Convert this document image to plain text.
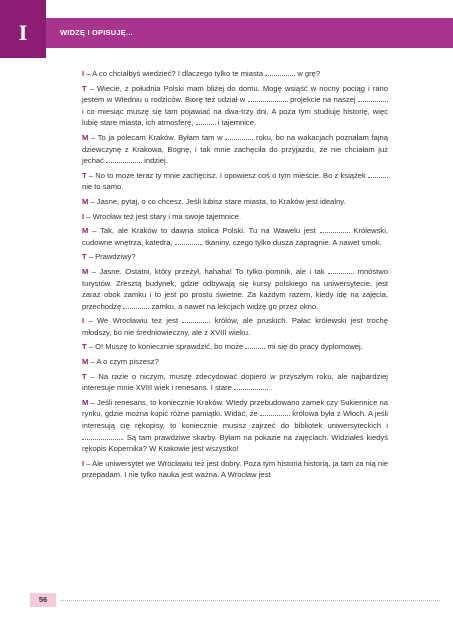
I	WIDZĘ I OPISUJĘ...

I – A co chciałbyś wiedzieć? I dlaczego tylko te miasta	w grę?

T – Wiecie, z południa Polski mam bliżej do domu. Mogę wsiąść w nocny pociąg i rano jestem w Wiedniu u rodziców. Biorę też udział w	projekcie na naszej  i co miesiąc muszę się tam pojawiać na dwa-trzy dni. A poza tym studiuję historię, więc lubię stare miasta, ich atmosferę,	i tajemnice.

M – To ja polecam Kraków. Byłam tam w	roku, bo na wakacjach poznałam fajną dziewczynę z Krakowa, Bognę, i tak mnie zachęciła do przyjazdu, że nie chciałam już jechać	indziej.

T – No to może teraz ty mnie zachęcisz. I opowiesz coś o tym mieście. Bo z książek  nie to samo.

M – Jasne, pytaj, o co chcesz. Jeśli lubisz stare miasta, to Kraków jest idealny.

I – Wrocław też jest stary i ma swoje tajemnice.

M – Tak, ale Kraków to dawna stolica Polski. Tu na Wawelu jest	Królewski, cudowne wnętrza, katedra,	, tkaniny, czego tylko dusza zapragnie. A nawet smok.

T – Prawdziwy?

M – Jasne. Ostatni, który przeżył, hahaha! To tylko pomnik, ale i tak	mnóstwo turystów. Zresztą budynek, gdzie odbywają się kursy polskiego na uniwersytecie, jest zaraz obok zamku i to jest po prostu świetne. Za każdym razem, kiedy idę na zajęcia, przechodzę	zamku, a nawet na lekcjach widzę go przez okno.

I – We Wrocławiu też jest	królów, ale pruskich. Pałac królewski jest trochę młodszy, bo nie średniowieczny, ale z XVIII wieku.

T – O! Muszę to koniecznie sprawdzić, bo może	mi się do pracy dyplomowej.

M – A o czym piszesz?

T – Na razie o niczym, muszę zdecydować dopiero w przyszłym roku, ale najbardziej interesuje mnie XVIII wiek i renesans. I stare	.

M – Jeśli renesans, to koniecznie Kraków. Wtedy przebudowano zamek czy Sukiennice na rynku, gdzie można kupić różne pamiątki. Widać, że	królowa była z Włoch. A jeśli interesują cię rękopisy, to koniecznie musisz zajrzeć do bibliotek uniwersyteckich i . Są tam prawdziwe skarby. Byłam na pokazie na zajęciach. Widziałeś kiedyś rękopis Kopernika? W Krakowie jest wszystko!

I – Ale uniwersytet we Wrocławiu też jest dobry. Poza tym historia historią, ja tam za nią nie przepadam. I nie tylko nauka jest ważna. A Wrocław jest

56
